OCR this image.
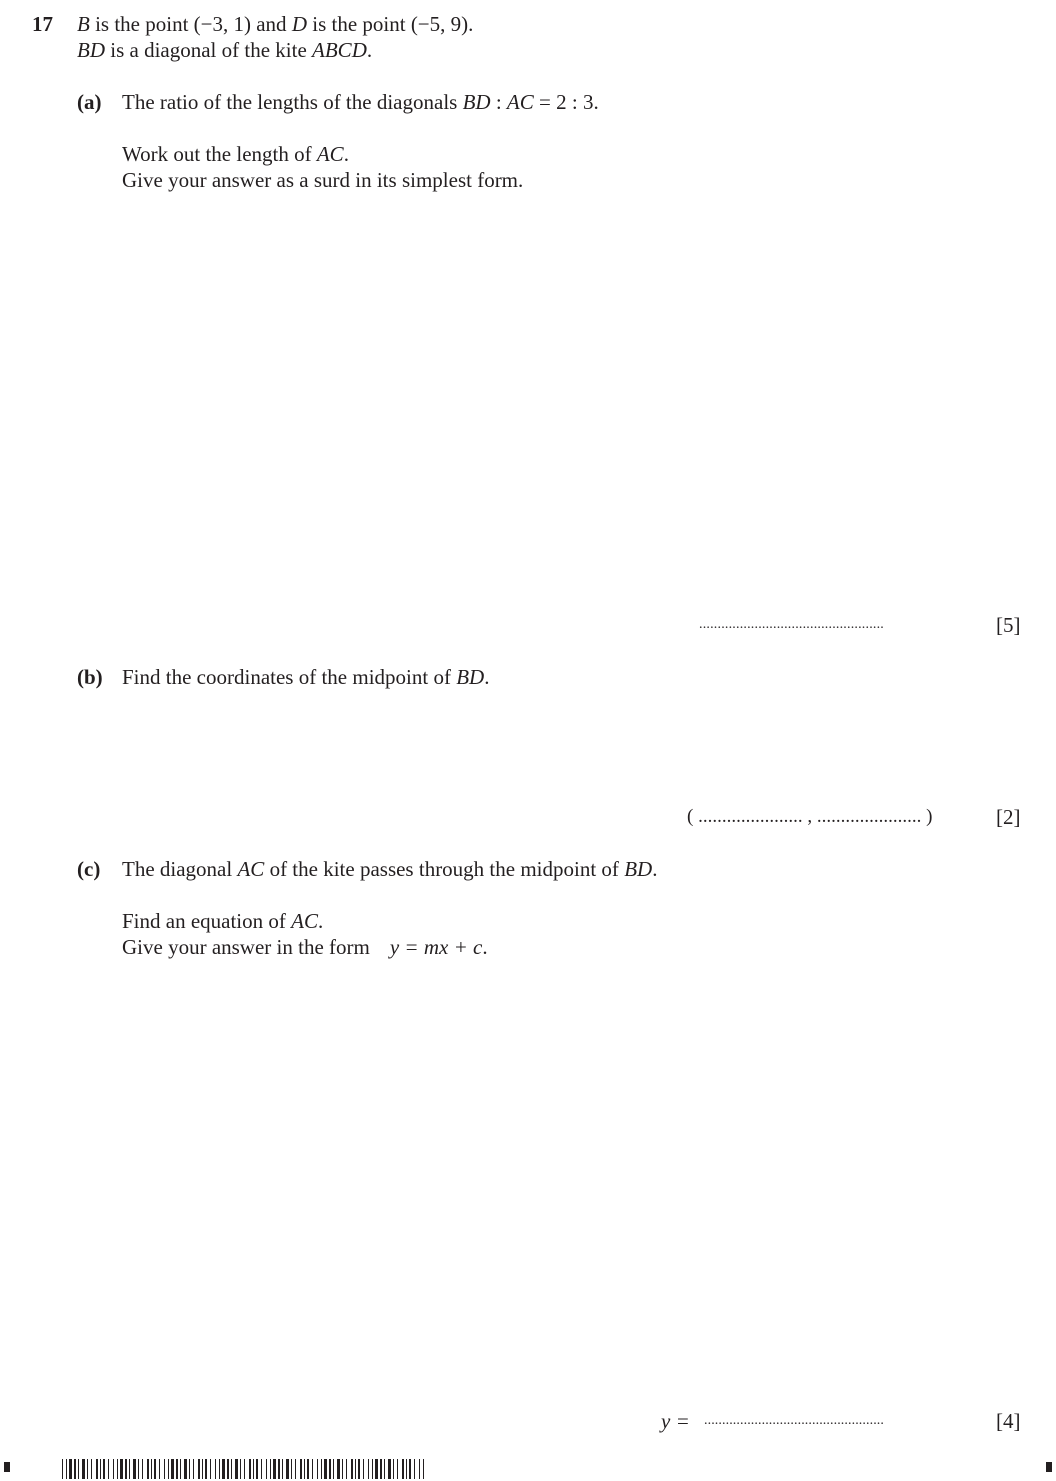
17 B is the point (−3, 1) and D is the point (−5, 9).
BD is a diagonal of the kite ABCD.
(a) The ratio of the lengths of the diagonals BD : AC = 2 : 3.
Work out the length of AC.
Give your answer as a surd in its simplest form.
..................................................	[5]
(b) Find the coordinates of the midpoint of BD.
( ...................... , ...................... )	[2]
(c) The diagonal AC of the kite passes through the midpoint of BD.
Find an equation of AC.
Give your answer in the form y = mx + c.
y = ..................................................	[4]
